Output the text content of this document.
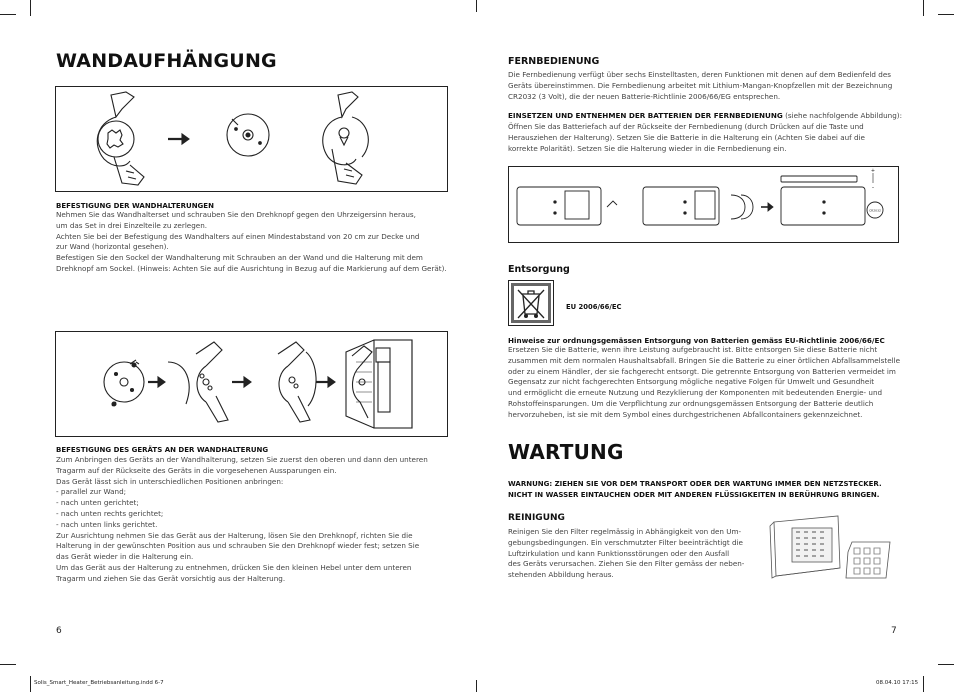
WANDAUFHÄNGUNG
BEFESTIGUNG DER WANDHALTERUNGEN
Nehmen Sie das Wandhalterset und schrauben Sie den Drehknopf gegen den Uhrzeigersinn heraus,
um das Set in drei Einzelteile zu zerlegen.
Achten Sie bei der Befestigung des Wandhalters auf einen Mindestabstand von 20 cm zur Decke und
zur Wand (horizontal gesehen).
Befestigen Sie den Sockel der Wandhalterung mit Schrauben an der Wand und die Halterung mit dem
Drehknopf am Sockel. (Hinweis: Achten Sie auf die Ausrichtung in Bezug auf die Markierung auf dem Gerät).
BEFESTIGUNG DES GERÄTS AN DER WANDHALTERUNG
Zum Anbringen des Geräts an der Wandhalterung, setzen Sie zuerst den oberen und dann den unteren
Tragarm auf der Rückseite des Geräts in die vorgesehenen Aussparungen ein.
Das Gerät lässt sich in unterschiedlichen Positionen anbringen:
- parallel zur Wand;
- nach unten gerichtet;
- nach unten rechts gerichtet;
- nach unten links gerichtet.
Zur Ausrichtung nehmen Sie das Gerät aus der Halterung, lösen Sie den Drehknopf, richten Sie die
Halterung in der gewünschten Position aus und schrauben Sie den Drehknopf wieder fest; setzen Sie
das Gerät wieder in die Halterung ein.
Um das Gerät aus der Halterung zu entnehmen, drücken Sie den kleinen Hebel unter dem unteren
Tragarm und ziehen Sie das Gerät vorsichtig aus der Halterung.
6
FERNBEDIENUNG
Die Fernbedienung verfügt über sechs Einstelltasten, deren Funktionen mit denen auf dem Bedienfeld des
Geräts übereinstimmen. Die Fernbedienung arbeitet mit Lithium-Mangan-Knopfzellen mit der Bezeichnung
CR2032 (3 Volt), die der neuen Batterie-Richtlinie 2006/66/EG entsprechen.
EINSETZEN UND ENTNEHMEN DER BATTERIEN DER FERNBEDIENUNG (siehe nachfolgende Abbildung):
Öffnen Sie das Batteriefach auf der Rückseite der Fernbedienung (durch Drücken auf die Taste und
Herausziehen der Halterung). Setzen Sie die Batterie in die Halterung ein (Achten Sie dabei auf die
korrekte Polarität). Setzen Sie die Halterung wieder in die Fernbedienung ein.
CR2032
+
–
Entsorgung
EU 2006/66/EC
Hinweise zur ordnungsgemässen Entsorgung von Batterien gemäss EU-Richtlinie 2006/66/EC
Ersetzen Sie die Batterie, wenn ihre Leistung aufgebraucht ist. Bitte entsorgen Sie diese Batterie nicht
zusammen mit dem normalen Haushaltsabfall. Bringen Sie die Batterie zu einer örtlichen Abfallsammelstelle
oder zu einem Händler, der sie fachgerecht entsorgt. Die getrennte Entsorgung von Batterien vermeidet im
Gegensatz zur nicht fachgerechten Entsorgung mögliche negative Folgen für Umwelt und Gesundheit
und ermöglicht die erneute Nutzung und Rezyklierung der Komponenten mit bedeutenden Energie- und
Rohstoffeinsparungen. Um die Verpflichtung zur ordnungsgemässen Entsorgung der Batterie deutlich
hervorzuheben, ist sie mit dem Symbol eines durchgestrichenen Abfallcontainers gekennzeichnet.
WARTUNG
WARNUNG: ZIEHEN SIE VOR DEM TRANSPORT ODER DER WARTUNG IMMER DEN NETZSTECKER.
NICHT IN WASSER EINTAUCHEN ODER MIT ANDEREN FLÜSSIGKEITEN IN BERÜHRUNG BRINGEN.
REINIGUNG
Reinigen Sie den Filter regelmässig in Abhängigkeit von den Um-
gebungsbedingungen. Ein verschmutzter Filter beeinträchtigt die
Luftzirkulation und kann Funktionsstörungen oder den Ausfall
des Geräts verursachen. Ziehen Sie den Filter gemäss der neben-
stehenden Abbildung heraus.
7
Solis_Smart_Heater_Betriebsanleitung.indd 6-7	08.04.10 17:15
